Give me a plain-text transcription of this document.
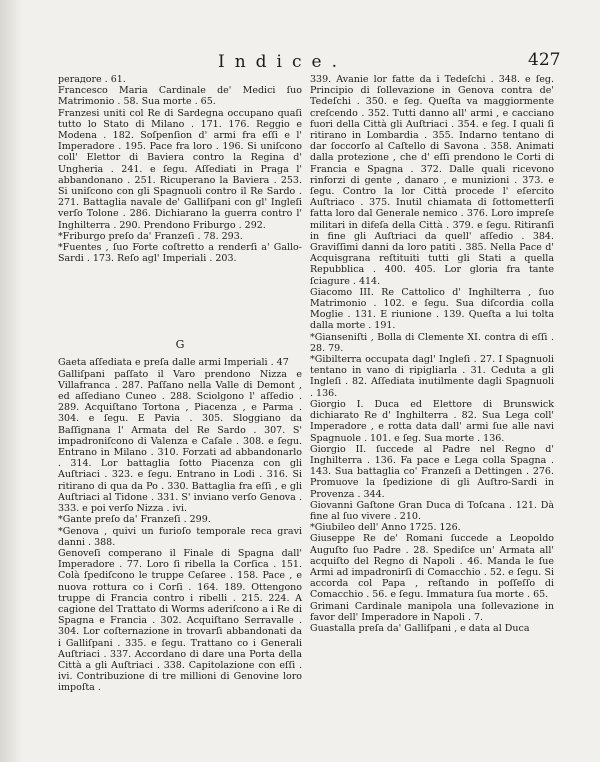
Indice.	427

perадore . 61.

Francesco Maria Cardinale de' Medici ſuo Matrimonio . 58. Sua morte . 65.

Franzesi uniti col Re di Sardegna occupano quaſi tutto lo Stato di Milano . 171. 176. Reggio e Modena . 182. Soſpenſion d' armi fra eſſi e l' Imperadore . 195. Pace fra loro . 196. Si uniſcono coll' Elettor di Baviera contro la Regina d' Ungheria . 241. e ſegu. Aſſediati in Praga l' abbandonano . 251. Ricuperano la Baviera . 253. Si uniſcono con gli Spagnuoli contro il Re Sardo . 271. Battaglia navale de' Galliſpani con gl' Ingleſi verſo Tolone . 286. Dichiarano la guerra contro l' Inghilterra . 290. Prendono Friburgo . 292.

*Friburgo preſo da' Franzeſi . 78. 293.

*Fuentes , ſuo Forte coſtretto a renderſi a' Gallo-Sardi . 173. Reſo agl' Imperiali . 203.

G

Gaeta aſſediata e preſa dalle armi Imperiali . 47

Galliſpani paſſato il Varo prendono Nizza e Villafranca . 287. Paſſano nella Valle di Demont , ed aſſediano Cuneo . 288. Sciolgono l' aſſedio . 289. Acquiſtano Tortona , Piacenza , e Parma . 304. e ſegu. E Pavia . 305. Sloggiano da Baſſignana l' Armata del Re Sardo . 307. S' impadroniſcono di Valenza e Caſale . 308. e ſegu. Entrano in Milano . 310. Forzati ad abbandonarlo . 314. Lor battaglia ſotto Piacenza con gli Auſtriaci . 323. e ſegu. Entrano in Lodi . 316. Si ritirano di qua da Po . 330. Battaglia fra eſſi , e gli Auſtriaci al Tidone . 331. S' inviano verſo Genova . 333. e poi verſo Nizza . ivi.

*Gante preſo da' Franzeſi . 299.

*Genova , quivi un furioſo temporale reca gravi danni . 388.

Genoveſi comperano il Finale di Spagna dall' Imperadore . 77. Loro ſi ribella la Corſica . 151. Colà ſpediſcono le truppe Ceſaree . 158. Pace , e nuova rottura co i Corſi . 164. 189. Ottengono truppe di Francia contro i ribelli . 215. 224. A cagione del Trattato di Worms aderiſcono a i Re di Spagna e Francia . 302. Acquiſtano Serravalle . 304. Lor coſternazione in trovarſi abbandonati da i Galliſpani . 335. e ſegu. Trattano co i Generali Auſtriaci . 337. Accordano di dare una Porta della Città a gli Auſtriaci . 338. Capitolazione con eſſi . ivi. Contribuzione di tre millioni di Genovine loro impoſta .

339. Avanie lor fatte da i Tedeſchi . 348. e ſeg. Principio di ſollevazione in Genova contra de' Tedeſchi . 350. e ſeg. Queſta va maggiormente creſcendo . 352. Tutti danno all' armi , e cacciano fuori della Città gli Auſtriaci . 354. e ſeg. I quali ſi ritirano in Lombardia . 355. Indarno tentano di dar ſoccorſo al Caſtello di Savona . 358. Animati dalla protezione , che d' eſſi prendono le Corti di Francia e Spagna . 372. Dalle quali ricevono rinforzi di gente , danaro , e munizioni . 373. e ſegu. Contro la lor Città procede l' eſercito Auſtriaco . 375. Inutil chiamata di ſottometterſi fatta loro dal Generale nemico . 376. Loro impreſe militari in difeſa della Città . 379. e ſegu. Ritiranſi in fine gli Auſtriaci da quell' aſſedio . 384. Graviſſimi danni da loro patiti . 385. Nella Pace d' Acquisgrana reſtituiti tutti gli Stati a quella Repubblica . 400. 405. Lor gloria fra tante ſciagure . 414.

Giacomo III. Re Cattolico d' Inghilterra , ſuo Matrimonio . 102. e ſegu. Sua diſcordia colla Moglie . 131. E riunione . 139. Queſta a lui tolta dalla morte . 191.

*Gianseniſti , Bolla di Clemente XI. contra di eſſi . 28. 79.

*Gibilterra occupata dagl' Ingleſi . 27. I Spagnuoli tentano in vano di ripigliarla . 31. Ceduta a gli Ingleſi . 82. Aſſediata inutilmente dagli Spagnuoli . 136.

Giorgio I. Duca ed Elettore di Brunswick dichiarato Re d' Inghilterra . 82. Sua Lega coll' Imperadore , e rotta data dall' armi ſue alle navi Spagnuole . 101. e ſeg. Sua morte . 136.

Giorgio II. ſuccede al Padre nel Regno d' Inghilterra . 136. Fa pace e Lega colla Spagna . 143. Sua battaglia co' Franzeſi a Dettingen . 276. Promuove la ſpedizione di gli Auſtro-Sardi in Provenza . 344.

Giovanni Gaſtone Gran Duca di Toſcana . 121. Dà fine al ſuo vivere . 210.

*Giubileo dell' Anno 1725. 126.

Giuseppe Re de' Romani ſuccede a Leopoldo Auguſto ſuo Padre . 28. Spediſce un' Armata all' acquiſto del Regno di Napoli . 46. Manda le ſue Armi ad impadronirſi di Comacchio . 52. e ſegu. Si accorda col Papa , reſtando in poſſeſſo di Comacchio . 56. e ſegu. Immatura ſua morte . 65.

Grimani Cardinale manipola una ſollevazione in favor dell' Imperadore in Napoli . 7.

Guastalla preſa da' Galliſpani , e data al Duca
